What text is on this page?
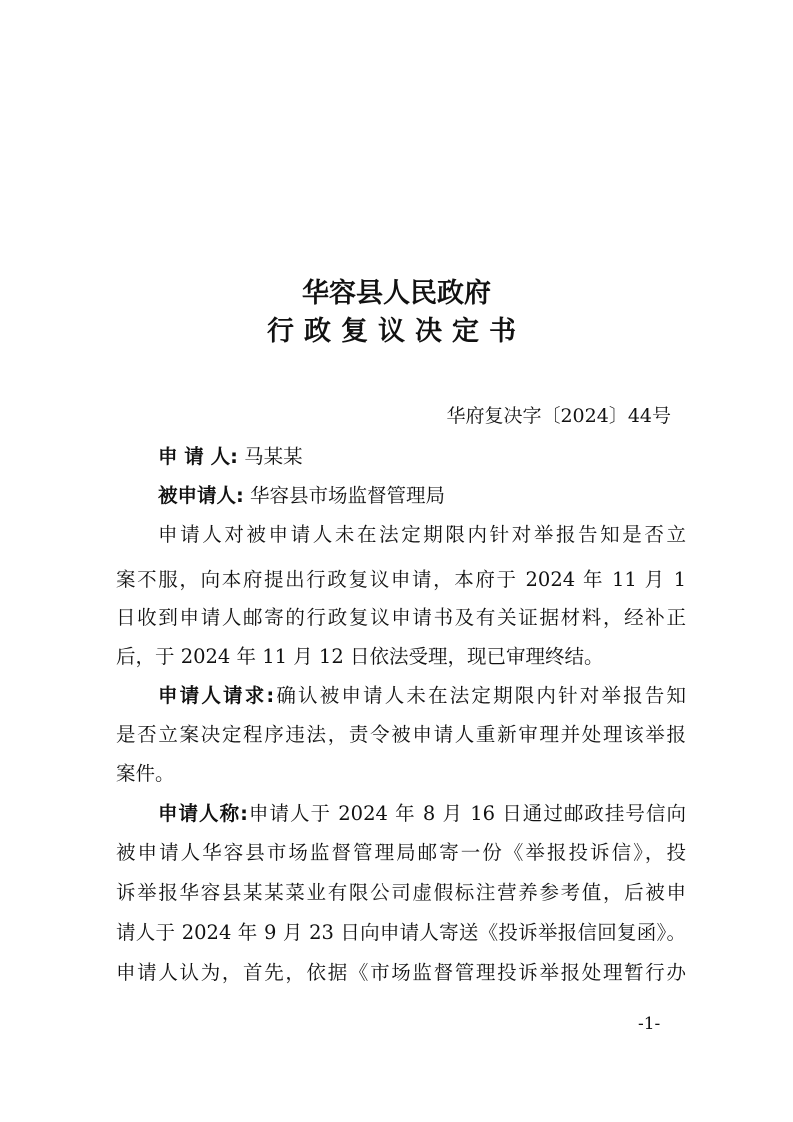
华容县人民政府
行政复议决定书
华府复决字〔2024〕44号

申 请 人: 马某某

被申请人: 华容县市场监督管理局

申请人对被申请人未在法定期限内针对举报告知是否立

案不服，向本府提出行政复议申请，本府于 2024 年 11 月 1

日收到申请人邮寄的行政复议申请书及有关证据材料，经补正

后，于 2024 年 11 月 12 日依法受理，现已审理终结。

申请人请求:确认被申请人未在法定期限内针对举报告知

是否立案决定程序违法，责令被申请人重新审理并处理该举报

案件。

申请人称:申请人于 2024 年 8 月 16 日通过邮政挂号信向

被申请人华容县市场监督管理局邮寄一份《举报投诉信》，投

诉举报华容县某某菜业有限公司虚假标注营养参考值，后被申

请人于 2024 年 9 月 23 日向申请人寄送《投诉举报信回复函》。

申请人认为，首先，依据《市场监督管理投诉举报处理暂行办

-1-
